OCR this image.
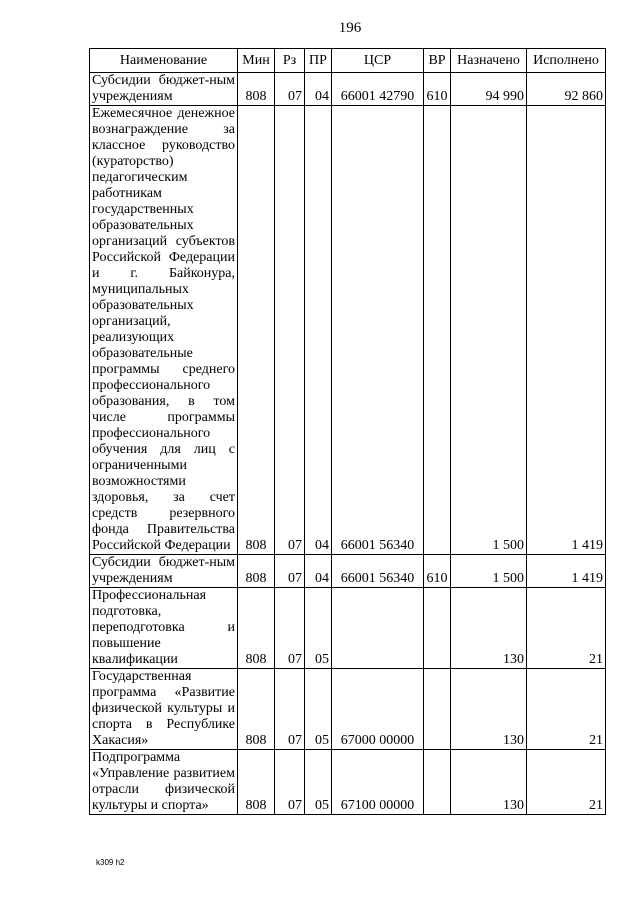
196
Наименование	Мин	Рз	ПР	ЦСР	ВР	Назначено	Исполнено
Субсидии бюджет-ным учреждениям	808	07	04	66001 42790	610	94 990	92 860
Ежемесячное денежное вознаграждение за классное руководство (кураторство) педагогическим работникам государственных образовательных организаций субъектов Российской Федерации и г. Байконура, муниципальных образовательных организаций, реализующих образовательные программы среднего профессионального образования, в том числе программы профессионального обучения для лиц с ограниченными возможностями здоровья, за счет средств резервного фонда Правительства Российской Федерации	808	07	04	66001 56340		1 500	1 419
Субсидии бюджет-ным учреждениям	808	07	04	66001 56340	610	1 500	1 419
Профессиональная подготовка, переподготовка и повышение квалификации	808	07	05			130	21
Государственная программа «Развитие физической культуры и спорта в Республике Хакасия»	808	07	05	67000 00000		130	21
Подпрограмма «Управление развитием отрасли физической культуры и спорта»	808	07	05	67100 00000		130	21
k309 h2
